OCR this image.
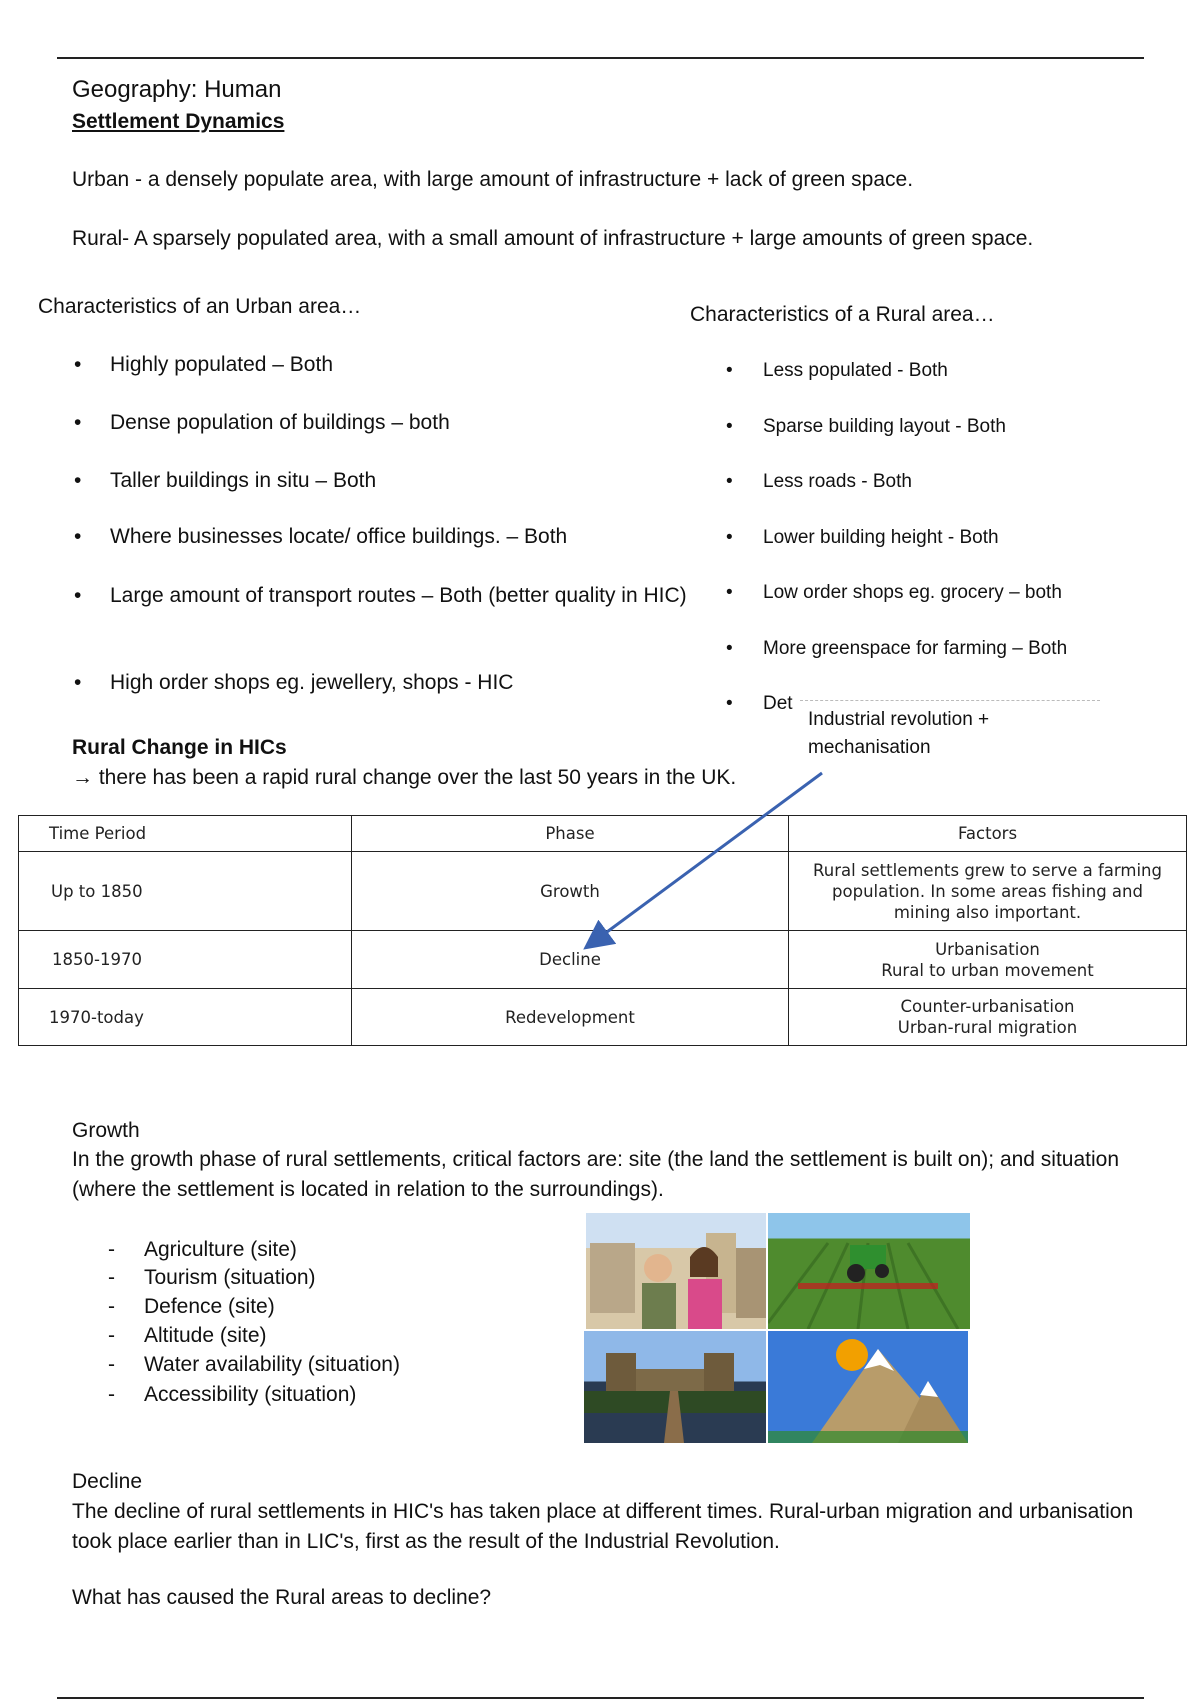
Geography: Human
Settlement Dynamics
Urban - a densely populate area, with large amount of infrastructure + lack of green space.
Rural- A sparsely populated area, with a small amount of infrastructure + large amounts of green space.
Characteristics of an Urban area…	Characteristics of a Rural area…
• Highly populated – Both
• Dense population of buildings – both
• Taller buildings in situ – Both
• Where businesses locate/ office buildings. – Both
• Large amount of transport routes – Both (better quality in HIC)
• High order shops eg. jewellery, shops - HIC
• Less populated - Both
• Sparse building layout - Both
• Less roads - Both
• Lower building height - Both
• Low order shops eg. grocery – both
• More greenspace for farming – Both
• Det
Industrial revolution +
mechanisation
Rural Change in HICs
→ there has been a rapid rural change over the last 50 years in the UK.
Time Period	Phase	Factors
Up to 1850	Growth	Rural settlements grew to serve a farming population. In some areas fishing and mining also important.
1850-1970	Decline	Urbanisation
Rural to urban movement

1970-today	Redevelopment	Counter-urbanisation
Urban-rural migration
Growth
In the growth phase of rural settlements, critical factors are: site (the land the settlement is built on); and situation (where the settlement is located in relation to the surroundings).
- Agriculture (site)
- Tourism (situation)
- Defence (site)
- Altitude (site)
- Water availability (situation)
- Accessibility (situation)
Decline
The decline of rural settlements in HIC's has taken place at different times. Rural-urban migration and urbanisation took place earlier than in LIC's, first as the result of the Industrial Revolution.
What has caused the Rural areas to decline?
